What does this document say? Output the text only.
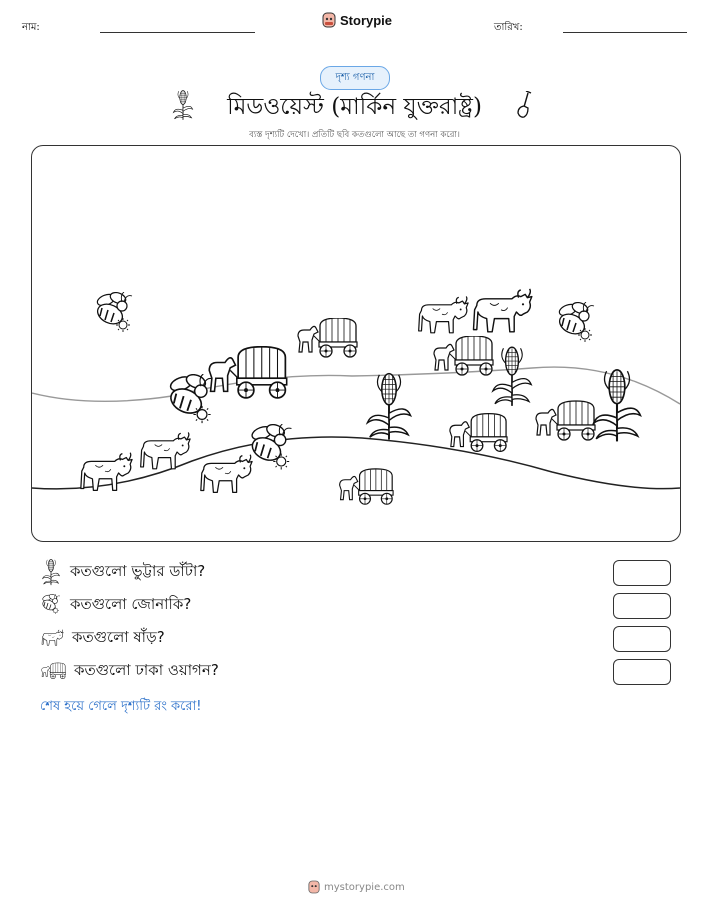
নাম:	Storypie	তারিখ:
দৃশ্য গণনা
মিডওয়েস্ট (মার্কিন যুক্তরাষ্ট্র)
ব্যস্ত দৃশ্যটি দেখো। প্রতিটি ছবি কতগুলো আছে তা গণনা করো।
কতগুলো ভুট্টার ডাঁটা?
কতগুলো জোনাকি?
কতগুলো ষাঁড়?
কতগুলো ঢাকা ওয়াগন?
শেষ হয়ে গেলে দৃশ্যটি রং করো!
mystorypie.com
